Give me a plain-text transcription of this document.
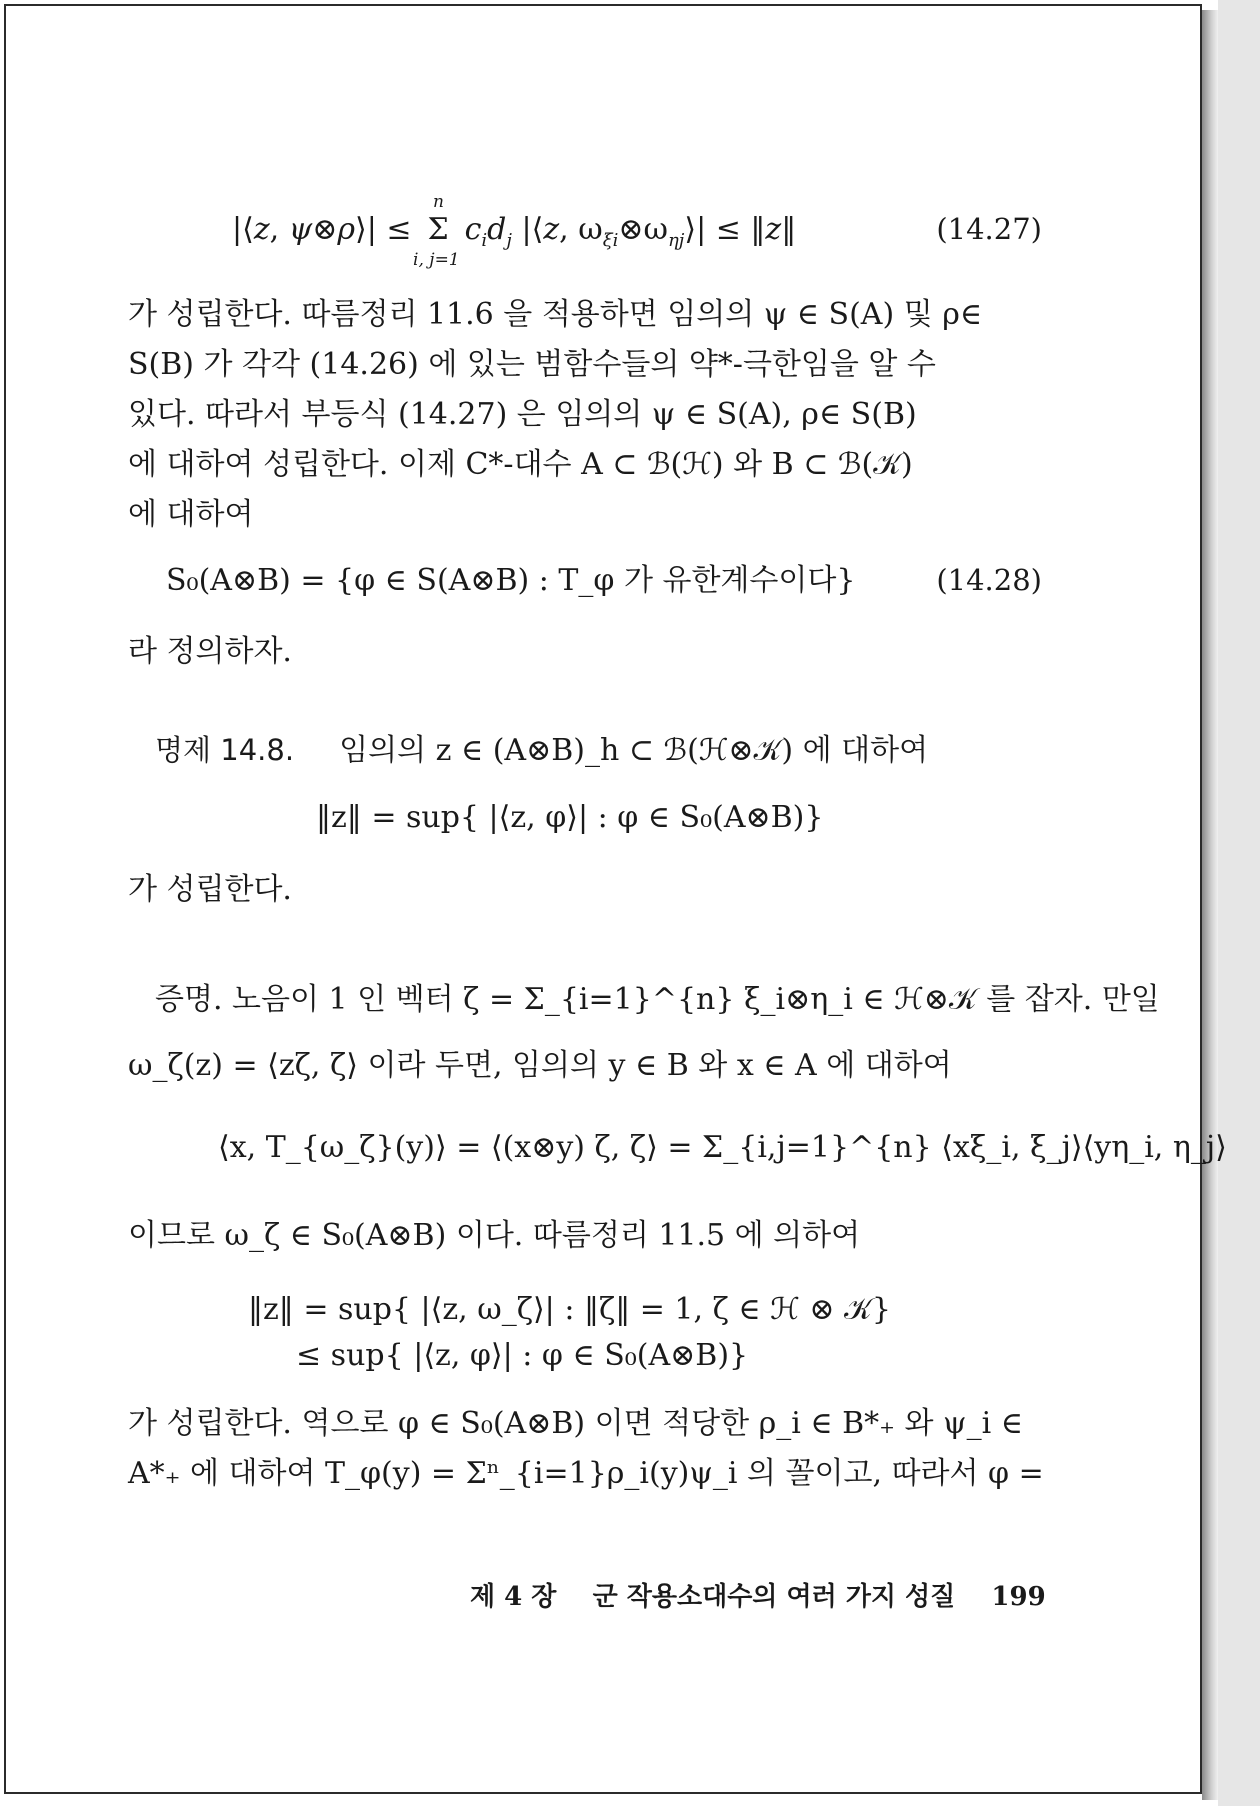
|⟨z, ψ⊗ρ⟩| ≤
n
Σ
i, j=1
$c_id_j$ |⟨z, $\omega_{\xi i}\otimes\omega_{\eta j}⟩|$ ≤ ‖z‖	(14.27)
가 성립한다. 따름정리 11.6 을 적용하면 임의의 ψ ∈ S(A) 및 ρ∈
S(B) 가 각각 (14.26) 에 있는 범함수들의 약*-극한임을 알 수
있다. 따라서 부등식 (14.27) 은 임의의 ψ ∈ S(A), ρ∈ S(B)
에 대하여 성립한다. 이제 C*-대수 A ⊂ ℬ(ℋ) 와 B ⊂ ℬ(𝒦)
에 대하여
S₀(A⊗B) = {φ ∈ S(A⊗B) : T_φ 가 유한계수이다}	(14.28)
라 정의하자.
명제 14.8. 임의의 z ∈ (A⊗B)_h ⊂ ℬ(ℋ⊗𝒦) 에 대하여
‖z‖ = sup{ |⟨z, φ⟩| : φ ∈ S₀(A⊗B)}
가 성립한다.
증명. 노음이 1 인 벡터 ζ = Σ_{i=1}^{n} ξ_i⊗η_i ∈ ℋ⊗𝒦 를 잡자. 만일
ω_ζ(z) = ⟨zζ, ζ⟩ 이라 두면, 임의의 y ∈ B 와 x ∈ A 에 대하여
⟨x, T_{ω_ζ}(y)⟩ = ⟨(x⊗y) ζ, ζ⟩ = Σ_{i,j=1}^{n} ⟨xξ_i, ξ_j⟩⟨yη_i, η_j⟩
이므로 ω_ζ ∈ S₀(A⊗B) 이다. 따름정리 11.5 에 의하여
‖z‖ = sup{ |⟨z, ω_ζ⟩| : ‖ζ‖ = 1, ζ ∈ ℋ ⊗ 𝒦}
≤ sup{ |⟨z, φ⟩| : φ ∈ S₀(A⊗B)}
가 성립한다. 역으로 φ ∈ S₀(A⊗B) 이면 적당한 ρ_i ∈ B*₊ 와 ψ_i ∈
A*₊ 에 대하여 T_φ(y) = Σⁿ_{i=1}ρ_i(y)ψ_i 의 꼴이고, 따라서 φ =
제 4 장 군 작용소대수의 여러 가지 성질 199
